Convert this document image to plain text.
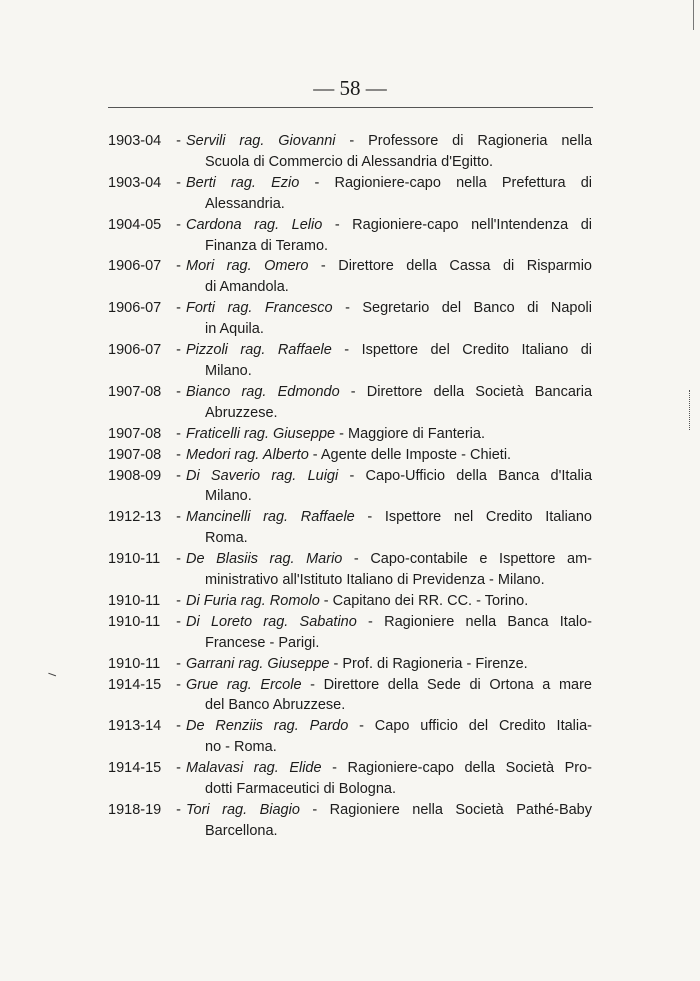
— 58 —
1903-04	- Servili rag. Giovanni - Professore di Ragioneria nella
Scuola di Commercio di Alessandria d'Egitto.
1903-04	- Berti rag. Ezio - Ragioniere-capo nella Prefettura di
Alessandria.
1904-05	- Cardona rag. Lelio - Ragioniere-capo nell'Intendenza di
Finanza di Teramo.
1906-07	- Mori rag. Omero - Direttore della Cassa di Risparmio
di Amandola.
1906-07	- Forti rag. Francesco - Segretario del Banco di Napoli
in Aquila.
1906-07	- Pizzoli rag. Raffaele - Ispettore del Credito Italiano di
Milano.
1907-08	- Bianco rag. Edmondo - Direttore della Società Bancaria
Abruzzese.
1907-08	- Fraticelli rag. Giuseppe - Maggiore di Fanteria.
1907-08	- Medori rag. Alberto - Agente delle Imposte - Chieti.
1908-09	- Di Saverio rag. Luigi - Capo-Ufficio della Banca d'Italia
Milano.
1912-13	- Mancinelli rag. Raffaele - Ispettore nel Credito Italiano
Roma.
1910-11	- De Blasiis rag. Mario - Capo-contabile e Ispettore am-
ministrativo all'Istituto Italiano di Previdenza - Milano.
1910-11	- Di Furia rag. Romolo - Capitano dei RR. CC. - Torino.
1910-11	- Di Loreto rag. Sabatino - Ragioniere nella Banca Italo-
Francese - Parigi.
1910-11	- Garrani rag. Giuseppe - Prof. di Ragioneria - Firenze.
1914-15	- Grue rag. Ercole - Direttore della Sede di Ortona a mare
del Banco Abruzzese.
1913-14	- De Renziis rag. Pardo - Capo ufficio del Credito Italia-
no - Roma.
1914-15	- Malavasi rag. Elide - Ragioniere-capo della Società Pro-
dotti Farmaceutici di Bologna.
1918-19	- Tori rag. Biagio - Ragioniere nella Società Pathé-Baby
Barcellona.
